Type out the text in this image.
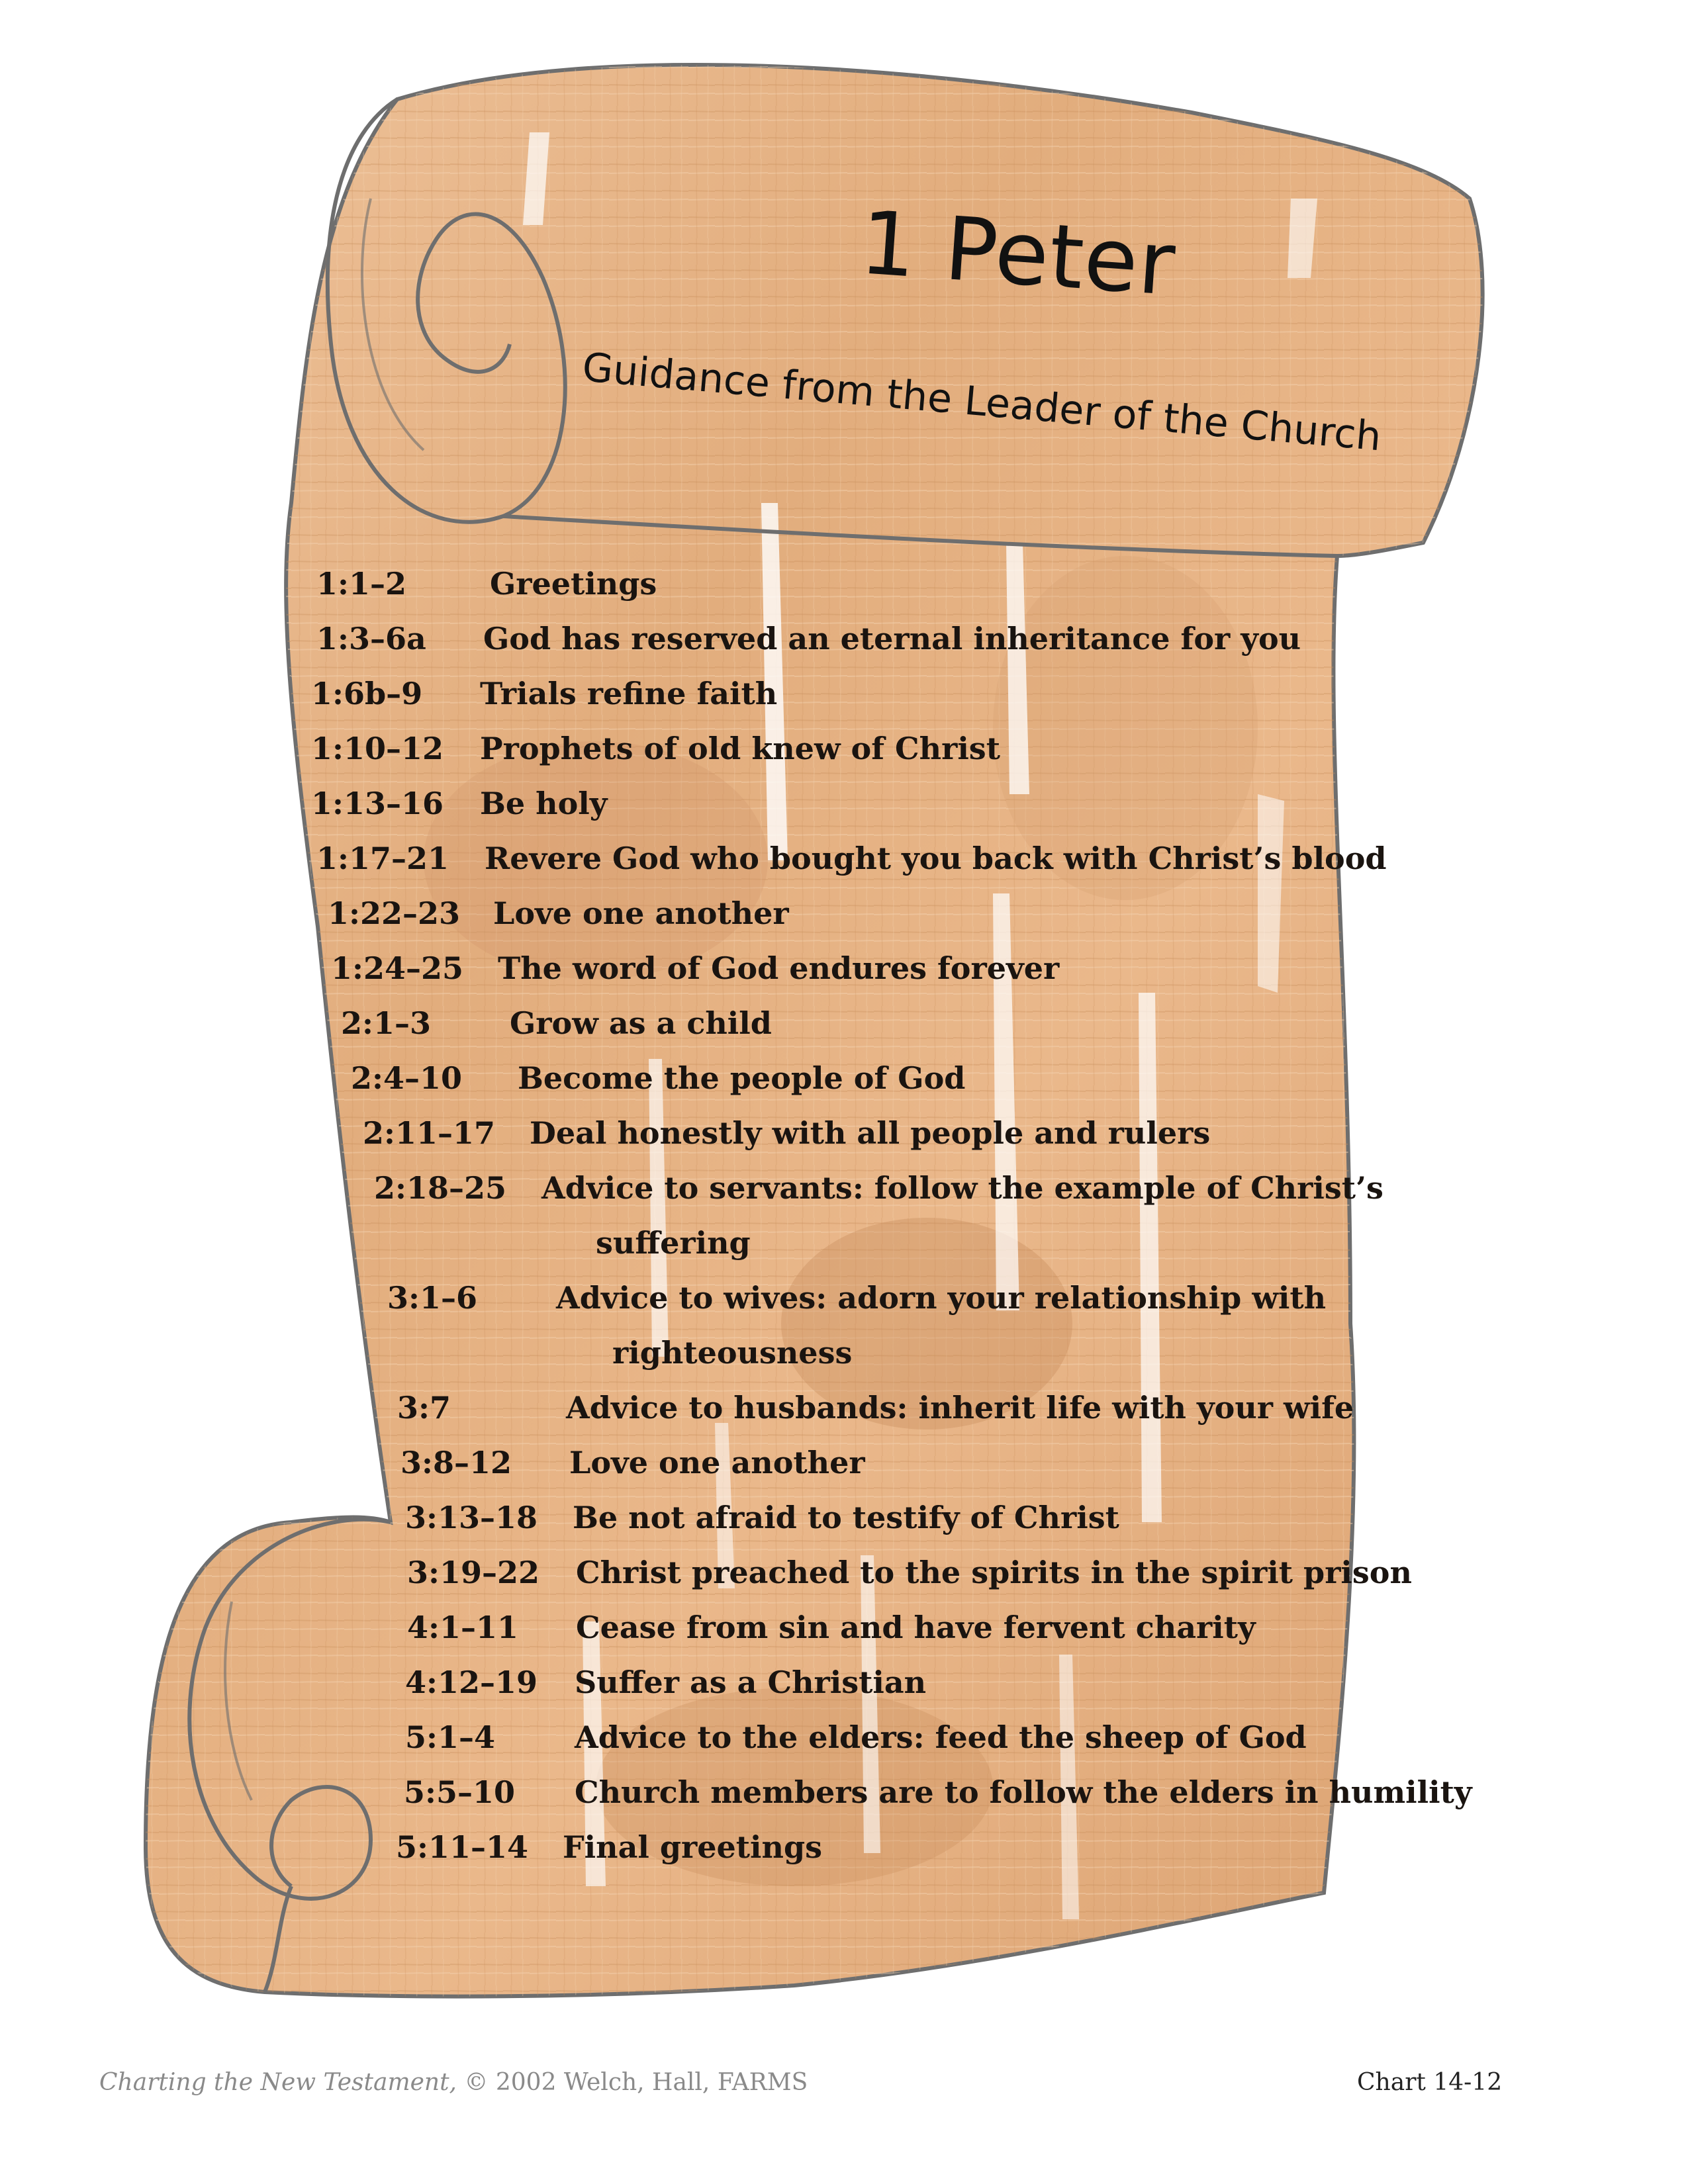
1 Peter
Guidance from the Leader of the Church
1:1–2	Greetings
1:3–6a God has reserved an eternal inheritance for you
1:6b–9 Trials refine faith
1:10–12 Prophets of old knew of Christ
1:13–16 Be holy
1:17–21 Revere God who bought you back with Christ’s blood
1:22–23 Love one another
1:24–25 The word of God endures forever
2:1–3	Grow as a child
2:4–10 Become the people of God
2:11–17 Deal honestly with all people and rulers
2:18–25 Advice to servants: follow the example of Christ’s
suffering
3:1–6	Advice to wives: adorn your relationship with
righteousness
3:7	Advice to husbands: inherit life with your wife
3:8–12 Love one another
3:13–18 Be not afraid to testify of Christ
3:19–22 Christ preached to the spirits in the spirit prison
4:1–11 Cease from sin and have fervent charity
4:12–19 Suffer as a Christian
5:1–4	Advice to the elders: feed the sheep of God
5:5–10 Church members are to follow the elders in humility
5:11–14 Final greetings
Charting the New Testament, © 2002 Welch, Hall, FARMS	Chart 14-12
